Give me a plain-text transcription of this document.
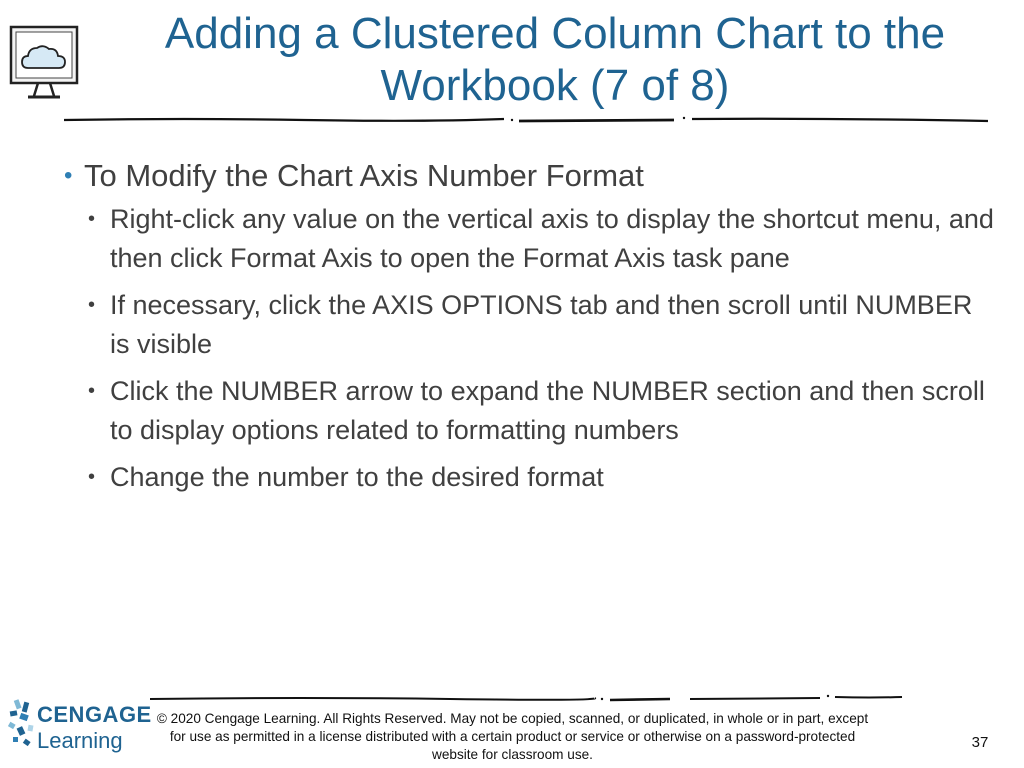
Adding a Clustered Column Chart to the
Workbook (7 of 8)
• To Modify the Chart Axis Number Format
• Right-click any value on the vertical axis to display the shortcut menu, and then click Format Axis to open the Format Axis task pane
• If necessary, click the AXIS OPTIONS tab and then scroll until NUMBER is visible
• Click the NUMBER arrow to expand the NUMBER section and then scroll to display options related to formatting numbers
• Change the number to the desired format
CENGAGE
Learning
© 2020 Cengage Learning. All Rights Reserved. May not be copied, scanned, or duplicated, in whole or in part, except for use as permitted in a license distributed with a certain product or service or otherwise on a password-protected website for classroom use.
37
